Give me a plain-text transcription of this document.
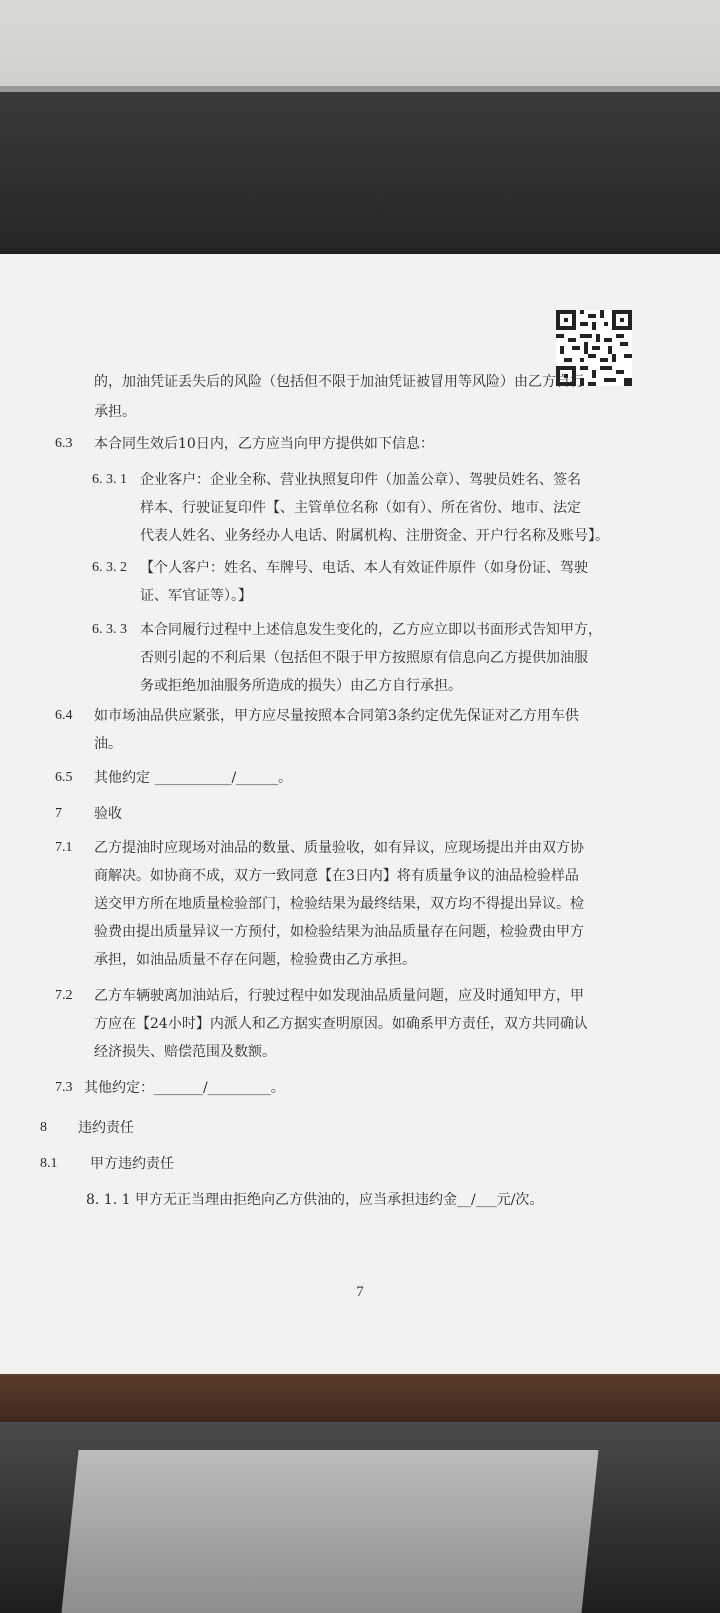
的，加油凭证丢失后的风险（包括但不限于加油凭证被冒用等风险）由乙方自行
承担。
6.3 本合同生效后10日内，乙方应当向甲方提供如下信息：
6. 3. 1 企业客户：企业全称、营业执照复印件（加盖公章）、驾驶员姓名、签名
样本、行驶证复印件【、主管单位名称（如有）、所在省份、地市、法定
代表人姓名、业务经办人电话、附属机构、注册资金、开户行名称及账号】。
6. 3. 2 【个人客户：姓名、车牌号、电话、本人有效证件原件（如身份证、驾驶
证、军官证等）。】
6. 3. 3 本合同履行过程中上述信息发生变化的，乙方应立即以书面形式告知甲方，
否则引起的不利后果（包括但不限于甲方按照原有信息向乙方提供加油服
务或拒绝加油服务所造成的损失）由乙方自行承担。
6.4 如市场油品供应紧张，甲方应尽量按照本合同第3条约定优先保证对乙方用车供
油。
6.5 其他约定 ___________/______。
7 验收
7.1 乙方提油时应现场对油品的数量、质量验收，如有异议，应现场提出并由双方协
商解决。如协商不成，双方一致同意【在3日内】将有质量争议的油品检验样品
送交甲方所在地质量检验部门，检验结果为最终结果，双方均不得提出异议。检
验费由提出质量异议一方预付，如检验结果为油品质量存在问题，检验费由甲方
承担，如油品质量不存在问题，检验费由乙方承担。
7.2 乙方车辆驶离加油站后，行驶过程中如发现油品质量问题，应及时通知甲方，甲
方应在【24小时】内派人和乙方据实查明原因。如确系甲方责任，双方共同确认
经济损失、赔偿范围及数额。
7.3 其他约定：_______/_________。
8 违约责任
8.1 甲方违约责任
8. 1. 1 甲方无正当理由拒绝向乙方供油的，应当承担违约金__/___元/次。
7
